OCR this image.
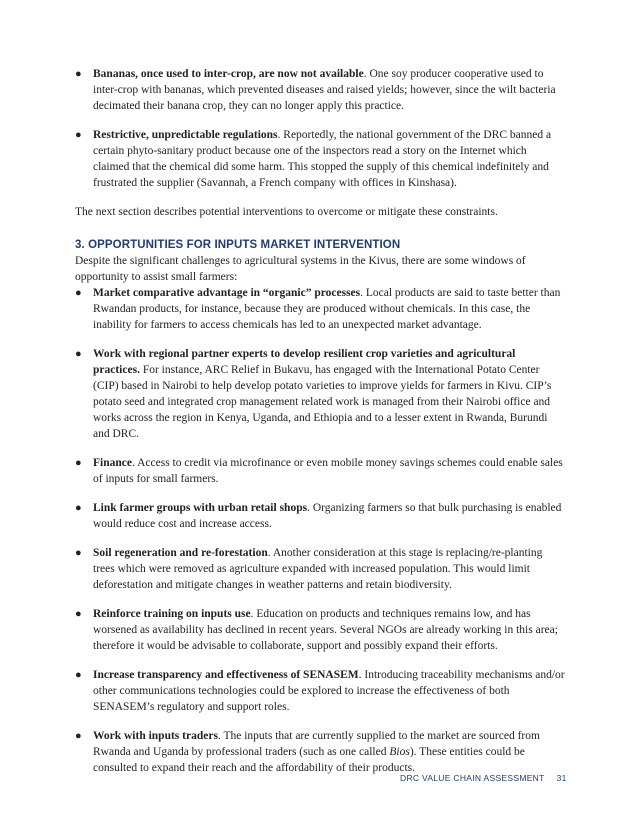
● Bananas, once used to inter-crop, are now not available. One soy producer cooperative used to inter-crop with bananas, which prevented diseases and raised yields; however, since the wilt bacteria decimated their banana crop, they can no longer apply this practice.
● Restrictive, unpredictable regulations. Reportedly, the national government of the DRC banned a certain phyto-sanitary product because one of the inspectors read a story on the Internet which claimed that the chemical did some harm. This stopped the supply of this chemical indefinitely and frustrated the supplier (Savannah, a French company with offices in Kinshasa).

The next section describes potential interventions to overcome or mitigate these constraints.

3. OPPORTUNITIES FOR INPUTS MARKET INTERVENTION

Despite the significant challenges to agricultural systems in the Kivus, there are some windows of opportunity to assist small farmers:

● Market comparative advantage in “organic” processes. Local products are said to taste better than Rwandan products, for instance, because they are produced without chemicals. In this case, the inability for farmers to access chemicals has led to an unexpected market advantage.
● Work with regional partner experts to develop resilient crop varieties and agricultural practices. For instance, ARC Relief in Bukavu, has engaged with the International Potato Center (CIP) based in Nairobi to help develop potato varieties to improve yields for farmers in Kivu. CIP’s potato seed and integrated crop management related work is managed from their Nairobi office and works across the region in Kenya, Uganda, and Ethiopia and to a lesser extent in Rwanda, Burundi and DRC.
● Finance. Access to credit via microfinance or even mobile money savings schemes could enable sales of inputs for small farmers.
● Link farmer groups with urban retail shops. Organizing farmers so that bulk purchasing is enabled would reduce cost and increase access.
● Soil regeneration and re-forestation. Another consideration at this stage is replacing/re-planting trees which were removed as agriculture expanded with increased population. This would limit deforestation and mitigate changes in weather patterns and retain biodiversity.
● Reinforce training on inputs use. Education on products and techniques remains low, and has worsened as availability has declined in recent years. Several NGOs are already working in this area; therefore it would be advisable to collaborate, support and possibly expand their efforts.
● Increase transparency and effectiveness of SENASEM. Introducing traceability mechanisms and/or other communications technologies could be explored to increase the effectiveness of both SENASEM’s regulatory and support roles.
● Work with inputs traders. The inputs that are currently supplied to the market are sourced from Rwanda and Uganda by professional traders (such as one called Bios). These entities could be consulted to expand their reach and the affordability of their products.
DRC VALUE CHAIN ASSESSMENT 31
